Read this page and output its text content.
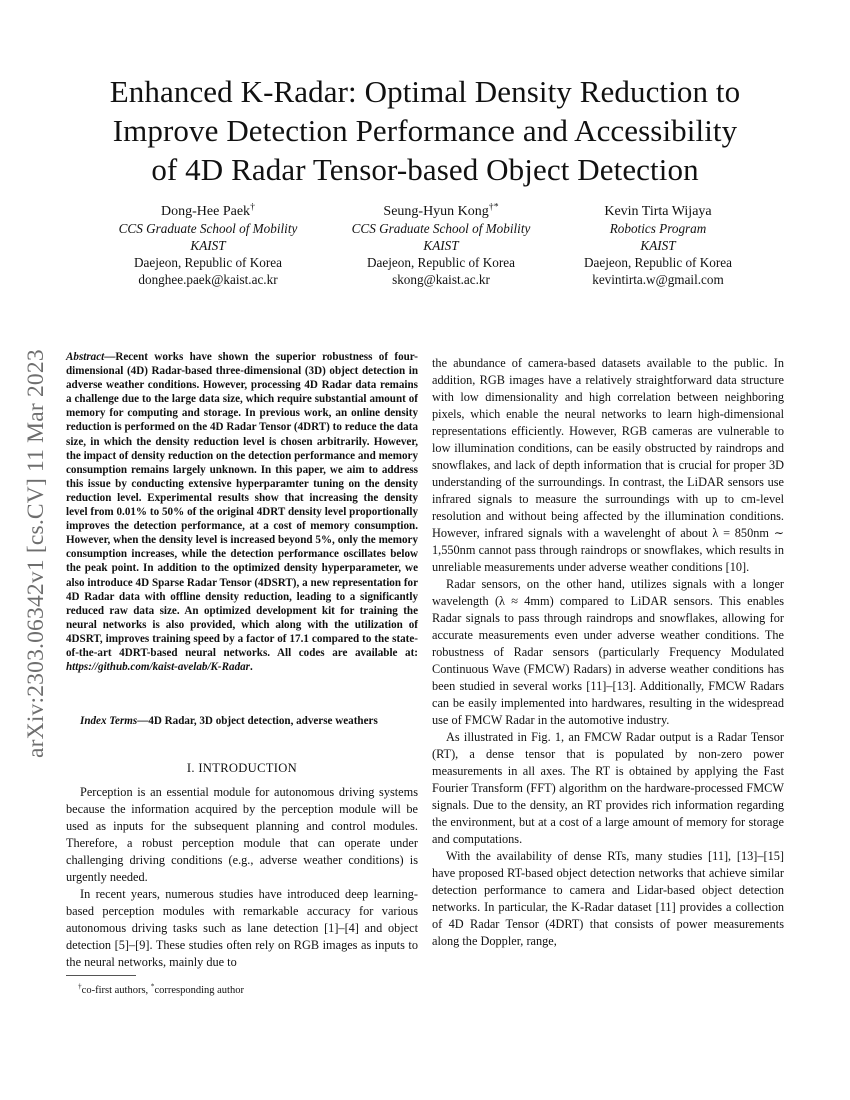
arXiv:2303.06342v1 [cs.CV] 11 Mar 2023
Enhanced K-Radar: Optimal Density Reduction to
Improve Detection Performance and Accessibility
of 4D Radar Tensor-based Object Detection
Dong-Hee Paek†
CCS Graduate School of Mobility
KAIST
Daejeon, Republic of Korea
donghee.paek@kaist.ac.kr
Seung-Hyun Kong†*
CCS Graduate School of Mobility
KAIST
Daejeon, Republic of Korea
skong@kaist.ac.kr
Kevin Tirta Wijaya
Robotics Program
KAIST
Daejeon, Republic of Korea
kevintirta.w@gmail.com
Abstract—Recent works have shown the superior robustness of four-dimensional (4D) Radar-based three-dimensional (3D) object detection in adverse weather conditions. However, processing 4D Radar data remains a challenge due to the large data size, which require substantial amount of memory for computing and storage. In previous work, an online density reduction is performed on the 4D Radar Tensor (4DRT) to reduce the data size, in which the density reduction level is chosen arbitrarily. However, the impact of density reduction on the detection performance and memory consumption remains largely unknown. In this paper, we aim to address this issue by conducting extensive hyperparamter tuning on the density reduction level. Experimental results show that increasing the density level from 0.01% to 50% of the original 4DRT density level proportionally improves the detection performance, at a cost of memory consumption. However, when the density level is increased beyond 5%, only the memory consumption increases, while the detection performance oscillates below the peak point. In addition to the optimized density hyperparameter, we also introduce 4D Sparse Radar Tensor (4DSRT), a new representation for 4D Radar data with offline density reduction, leading to a significantly reduced raw data size. An optimized development kit for training the neural networks is also provided, which along with the utilization of 4DSRT, improves training speed by a factor of 17.1 compared to the state-of-the-art 4DRT-based neural networks. All codes are available at: https://github.com/kaist-avelab/K-Radar.
Index Terms—4D Radar, 3D object detection, adverse weathers
I. INTRODUCTION

Perception is an essential module for autonomous driving systems because the information acquired by the perception module will be used as inputs for the subsequent planning and control modules. Therefore, a robust perception module that can operate under challenging driving conditions (e.g., adverse weather conditions) is urgently needed.

In recent years, numerous studies have introduced deep learning-based perception modules with remarkable accuracy for various autonomous driving tasks such as lane detection [1]–[4] and object detection [5]–[9]. These studies often rely on RGB images as inputs to the neural networks, mainly due to

†co-first authors, *corresponding author

the abundance of camera-based datasets available to the public. In addition, RGB images have a relatively straightforward data structure with low dimensionality and high correlation between neighboring pixels, which enable the neural networks to learn high-dimensional representations efficiently. However, RGB cameras are vulnerable to low illumination conditions, can be easily obstructed by raindrops and snowflakes, and lack of depth information that is crucial for proper 3D understanding of the surroundings. In contrast, the LiDAR sensors use infrared signals to measure the surroundings with up to cm-level resolution and without being affected by the illumination conditions. However, infrared signals with a wavelenght of about λ = 850nm ∼ 1,550nm cannot pass through raindrops or snowflakes, which results in unreliable measurements under adverse weather conditions [10].

Radar sensors, on the other hand, utilizes signals with a longer wavelength (λ ≈ 4mm) compared to LiDAR sensors. This enables Radar signals to pass through raindrops and snowflakes, allowing for accurate measurements even under adverse weather conditions. The robustness of Radar sensors (particularly Frequency Modulated Continuous Wave (FMCW) Radars) in adverse weather conditions has been studied in several works [11]–[13]. Additionally, FMCW Radars can be easily implemented into hardwares, resulting in the widespread use of FMCW Radar in the automotive industry.

As illustrated in Fig. 1, an FMCW Radar output is a Radar Tensor (RT), a dense tensor that is populated by non-zero power measurements in all axes. The RT is obtained by applying the Fast Fourier Transform (FFT) algorithm on the hardware-processed FMCW signals. Due to the density, an RT provides rich information regarding the environment, but at a cost of a large amount of memory for storage and computations.

With the availability of dense RTs, many studies [11], [13]–[15] have proposed RT-based object detection networks that achieve similar detection performance to camera and Lidar-based object detection networks. In particular, the K-Radar dataset [11] provides a collection of 4D Radar Tensor (4DRT) that consists of power measurements along the Doppler, range,
